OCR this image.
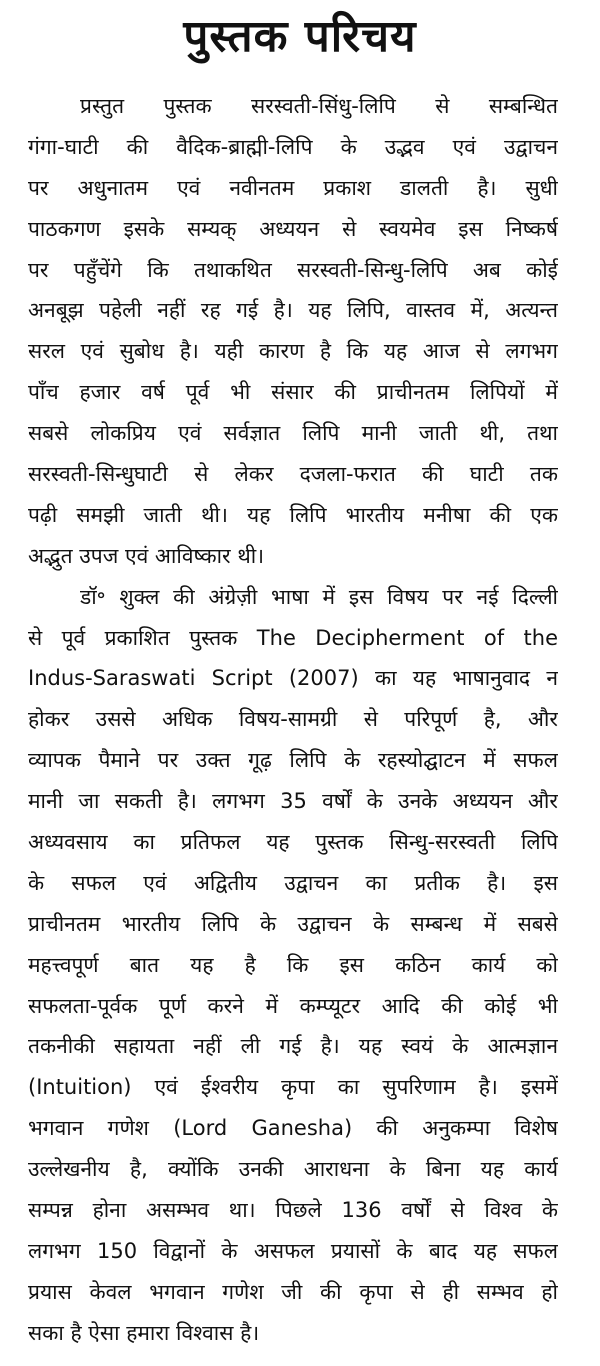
पुस्तक परिचय
प्रस्तुत पुस्तक सरस्वती-सिंधु-लिपि से सम्बन्धित
गंगा-घाटी की वैदिक-ब्राह्मी-लिपि के उद्भव एवं उद्वाचन
पर अधुनातम एवं नवीनतम प्रकाश डालती है। सुधी
पाठकगण इसके सम्यक् अध्ययन से स्वयमेव इस निष्कर्ष
पर पहुँचेंगे कि तथाकथित सरस्वती-सिन्धु-लिपि अब कोई
अनबूझ पहेली नहीं रह गई है। यह लिपि, वास्तव में, अत्यन्त
सरल एवं सुबोध है। यही कारण है कि यह आज से लगभग
पाँच हजार वर्ष पूर्व भी संसार की प्राचीनतम लिपियों में
सबसे लोकप्रिय एवं सर्वज्ञात लिपि मानी जाती थी, तथा
सरस्वती-सिन्धुघाटी से लेकर दजला-फरात की घाटी तक
पढ़ी समझी जाती थी। यह लिपि भारतीय मनीषा की एक
अद्भुत उपज एवं आविष्कार थी।
डॉ॰ शुक्ल की अंग्रेज़ी भाषा में इस विषय पर नई दिल्ली
से पूर्व प्रकाशित पुस्तक The Decipherment of the
Indus-Saraswati Script (2007) का यह भाषानुवाद न
होकर उससे अधिक विषय-सामग्री से परिपूर्ण है, और
व्यापक पैमाने पर उक्त गूढ़ लिपि के रहस्योद्घाटन में सफल
मानी जा सकती है। लगभग 35 वर्षों के उनके अध्ययन और
अध्यवसाय का प्रतिफल यह पुस्तक सिन्धु-सरस्वती लिपि
के सफल एवं अद्वितीय उद्वाचन का प्रतीक है। इस
प्राचीनतम भारतीय लिपि के उद्वाचन के सम्बन्ध में सबसे
महत्त्वपूर्ण बात यह है कि इस कठिन कार्य को
सफलता-पूर्वक पूर्ण करने में कम्प्यूटर आदि की कोई भी
तकनीकी सहायता नहीं ली गई है। यह स्वयं के आत्मज्ञान
(Intuition) एवं ईश्वरीय कृपा का सुपरिणाम है। इसमें
भगवान गणेश (Lord Ganesha) की अनुकम्पा विशेष
उल्लेखनीय है, क्योंकि उनकी आराधना के बिना यह कार्य
सम्पन्न होना असम्भव था। पिछले 136 वर्षों से विश्व के
लगभग 150 विद्वानों के असफल प्रयासों के बाद यह सफल
प्रयास केवल भगवान गणेश जी की कृपा से ही सम्भव हो
सका है ऐसा हमारा विश्वास है।
